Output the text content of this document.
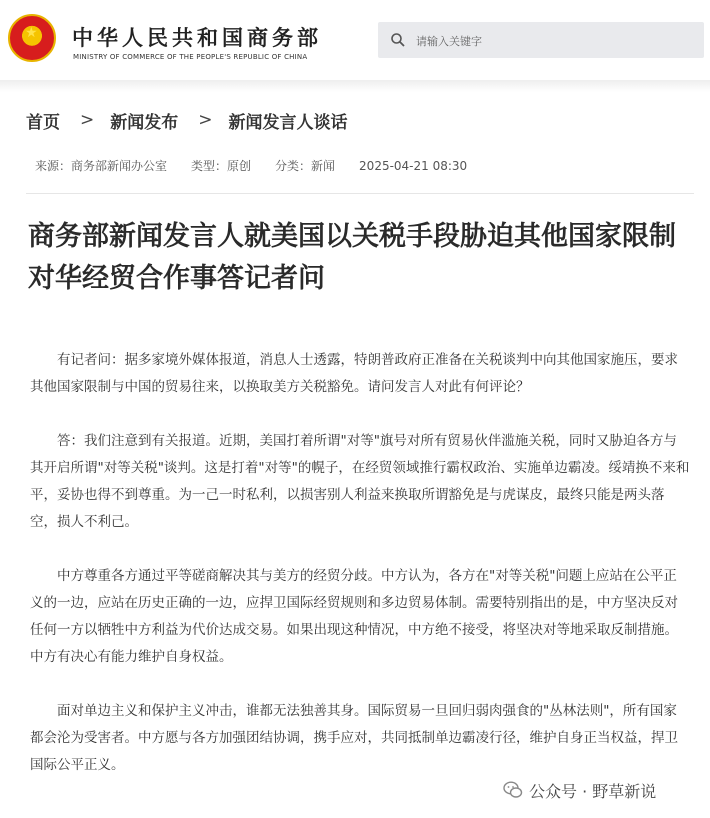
★ 中华人民共和国商务部
MINISTRY OF COMMERCE OF THE PEOPLE'S REPUBLIC OF CHINA
请输入关键字
首页 > 新闻发布 > 新闻发言人谈话
来源：商务部新闻办公室 类型：原创 分类：新闻 2025-04-21 08:30
商务部新闻发言人就美国以关税手段胁迫其他国家限制对华经贸合作事答记者问

有记者问：据多家境外媒体报道，消息人士透露，特朗普政府正准备在关税谈判中向其他国家施压，要求其他国家限制与中国的贸易往来，以换取美方关税豁免。请问发言人对此有何评论？

答：我们注意到有关报道。近期，美国打着所谓"对等"旗号对所有贸易伙伴滥施关税，同时又胁迫各方与其开启所谓"对等关税"谈判。这是打着"对等"的幌子，在经贸领域推行霸权政治、实施单边霸凌。绥靖换不来和平，妥协也得不到尊重。为一己一时私利，以损害别人利益来换取所谓豁免是与虎谋皮，最终只能是两头落空，损人不利己。

中方尊重各方通过平等磋商解决其与美方的经贸分歧。中方认为，各方在"对等关税"问题上应站在公平正义的一边，应站在历史正确的一边，应捍卫国际经贸规则和多边贸易体制。需要特别指出的是，中方坚决反对任何一方以牺牲中方利益为代价达成交易。如果出现这种情况，中方绝不接受，将坚决对等地采取反制措施。中方有决心有能力维护自身权益。

面对单边主义和保护主义冲击，谁都无法独善其身。国际贸易一旦回归弱肉强食的"丛林法则"，所有国家都会沦为受害者。中方愿与各方加强团结协调，携手应对，共同抵制单边霸凌行径，维护自身正当权益，捍卫国际公平正义。

公众号 · 野草新说
